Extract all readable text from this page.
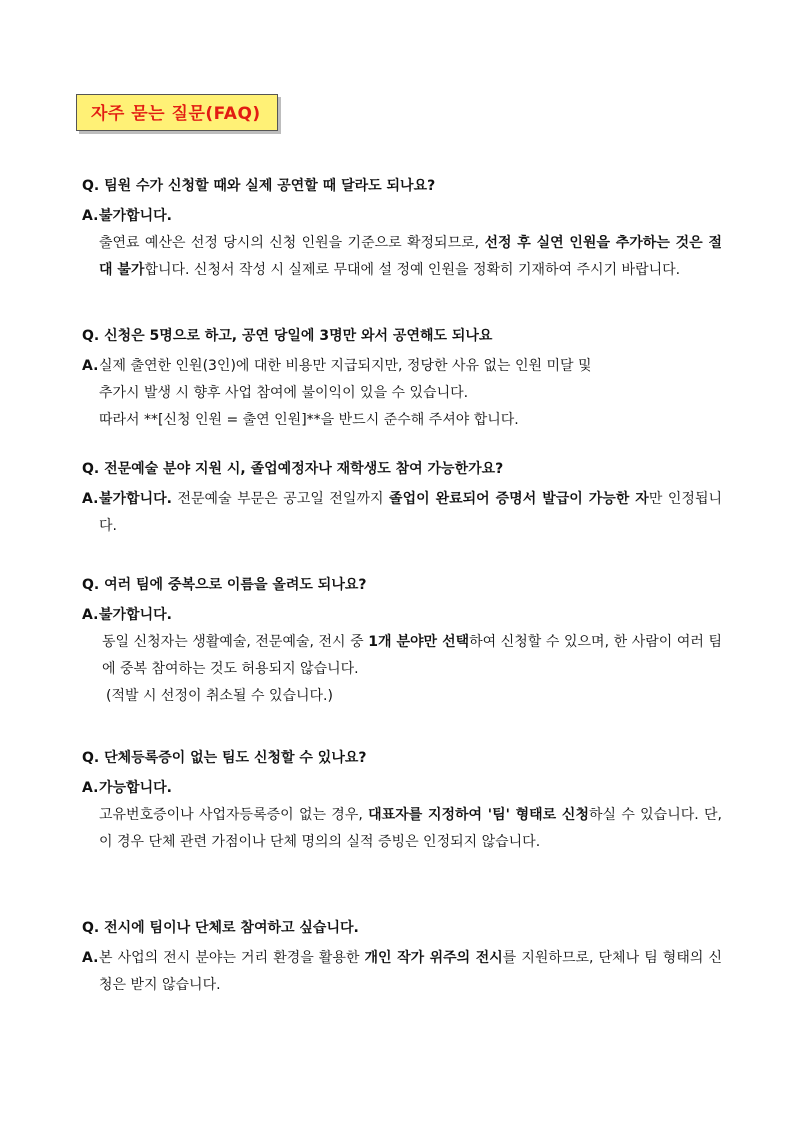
자주 묻는 질문(FAQ)
Q. 팀원 수가 신청할 때와 실제 공연할 때 달라도 되나요?
A. 불가합니다.
출연료 예산은 선정 당시의 신청 인원을 기준으로 확정되므로, 선정 후 실연 인원을 추가하는 것은 절대 불가합니다. 신청서 작성 시 실제로 무대에 설 정예 인원을 정확히 기재하여 주시기 바랍니다.
Q. 신청은 5명으로 하고, 공연 당일에 3명만 와서 공연해도 되나요
A. 실제 출연한 인원(3인)에 대한 비용만 지급되지만, 정당한 사유 없는 인원 미달 및
추가시 발생 시 향후 사업 참여에 불이익이 있을 수 있습니다.
따라서 **[신청 인원 = 출연 인원]**을 반드시 준수해 주셔야 합니다.
Q. 전문예술 분야 지원 시, 졸업예정자나 재학생도 참여 가능한가요?
A. 불가합니다. 전문예술 부문은 공고일 전일까지 졸업이 완료되어 증명서 발급이 가능한 자만 인정됩니다.
Q. 여러 팀에 중복으로 이름을 올려도 되나요?
A. 불가합니다.
동일 신청자는 생활예술, 전문예술, 전시 중 1개 분야만 선택하여 신청할 수 있으며, 한 사람이 여러 팀에 중복 참여하는 것도 허용되지 않습니다.
(적발 시 선정이 취소될 수 있습니다.)
Q. 단체등록증이 없는 팀도 신청할 수 있나요?
A. 가능합니다.
고유번호증이나 사업자등록증이 없는 경우, 대표자를 지정하여 '팀' 형태로 신청하실 수 있습니다. 단, 이 경우 단체 관련 가점이나 단체 명의의 실적 증빙은 인정되지 않습니다.
Q. 전시에 팀이나 단체로 참여하고 싶습니다.
A. 본 사업의 전시 분야는 거리 환경을 활용한 개인 작가 위주의 전시를 지원하므로, 단체나 팀 형태의 신청은 받지 않습니다.
